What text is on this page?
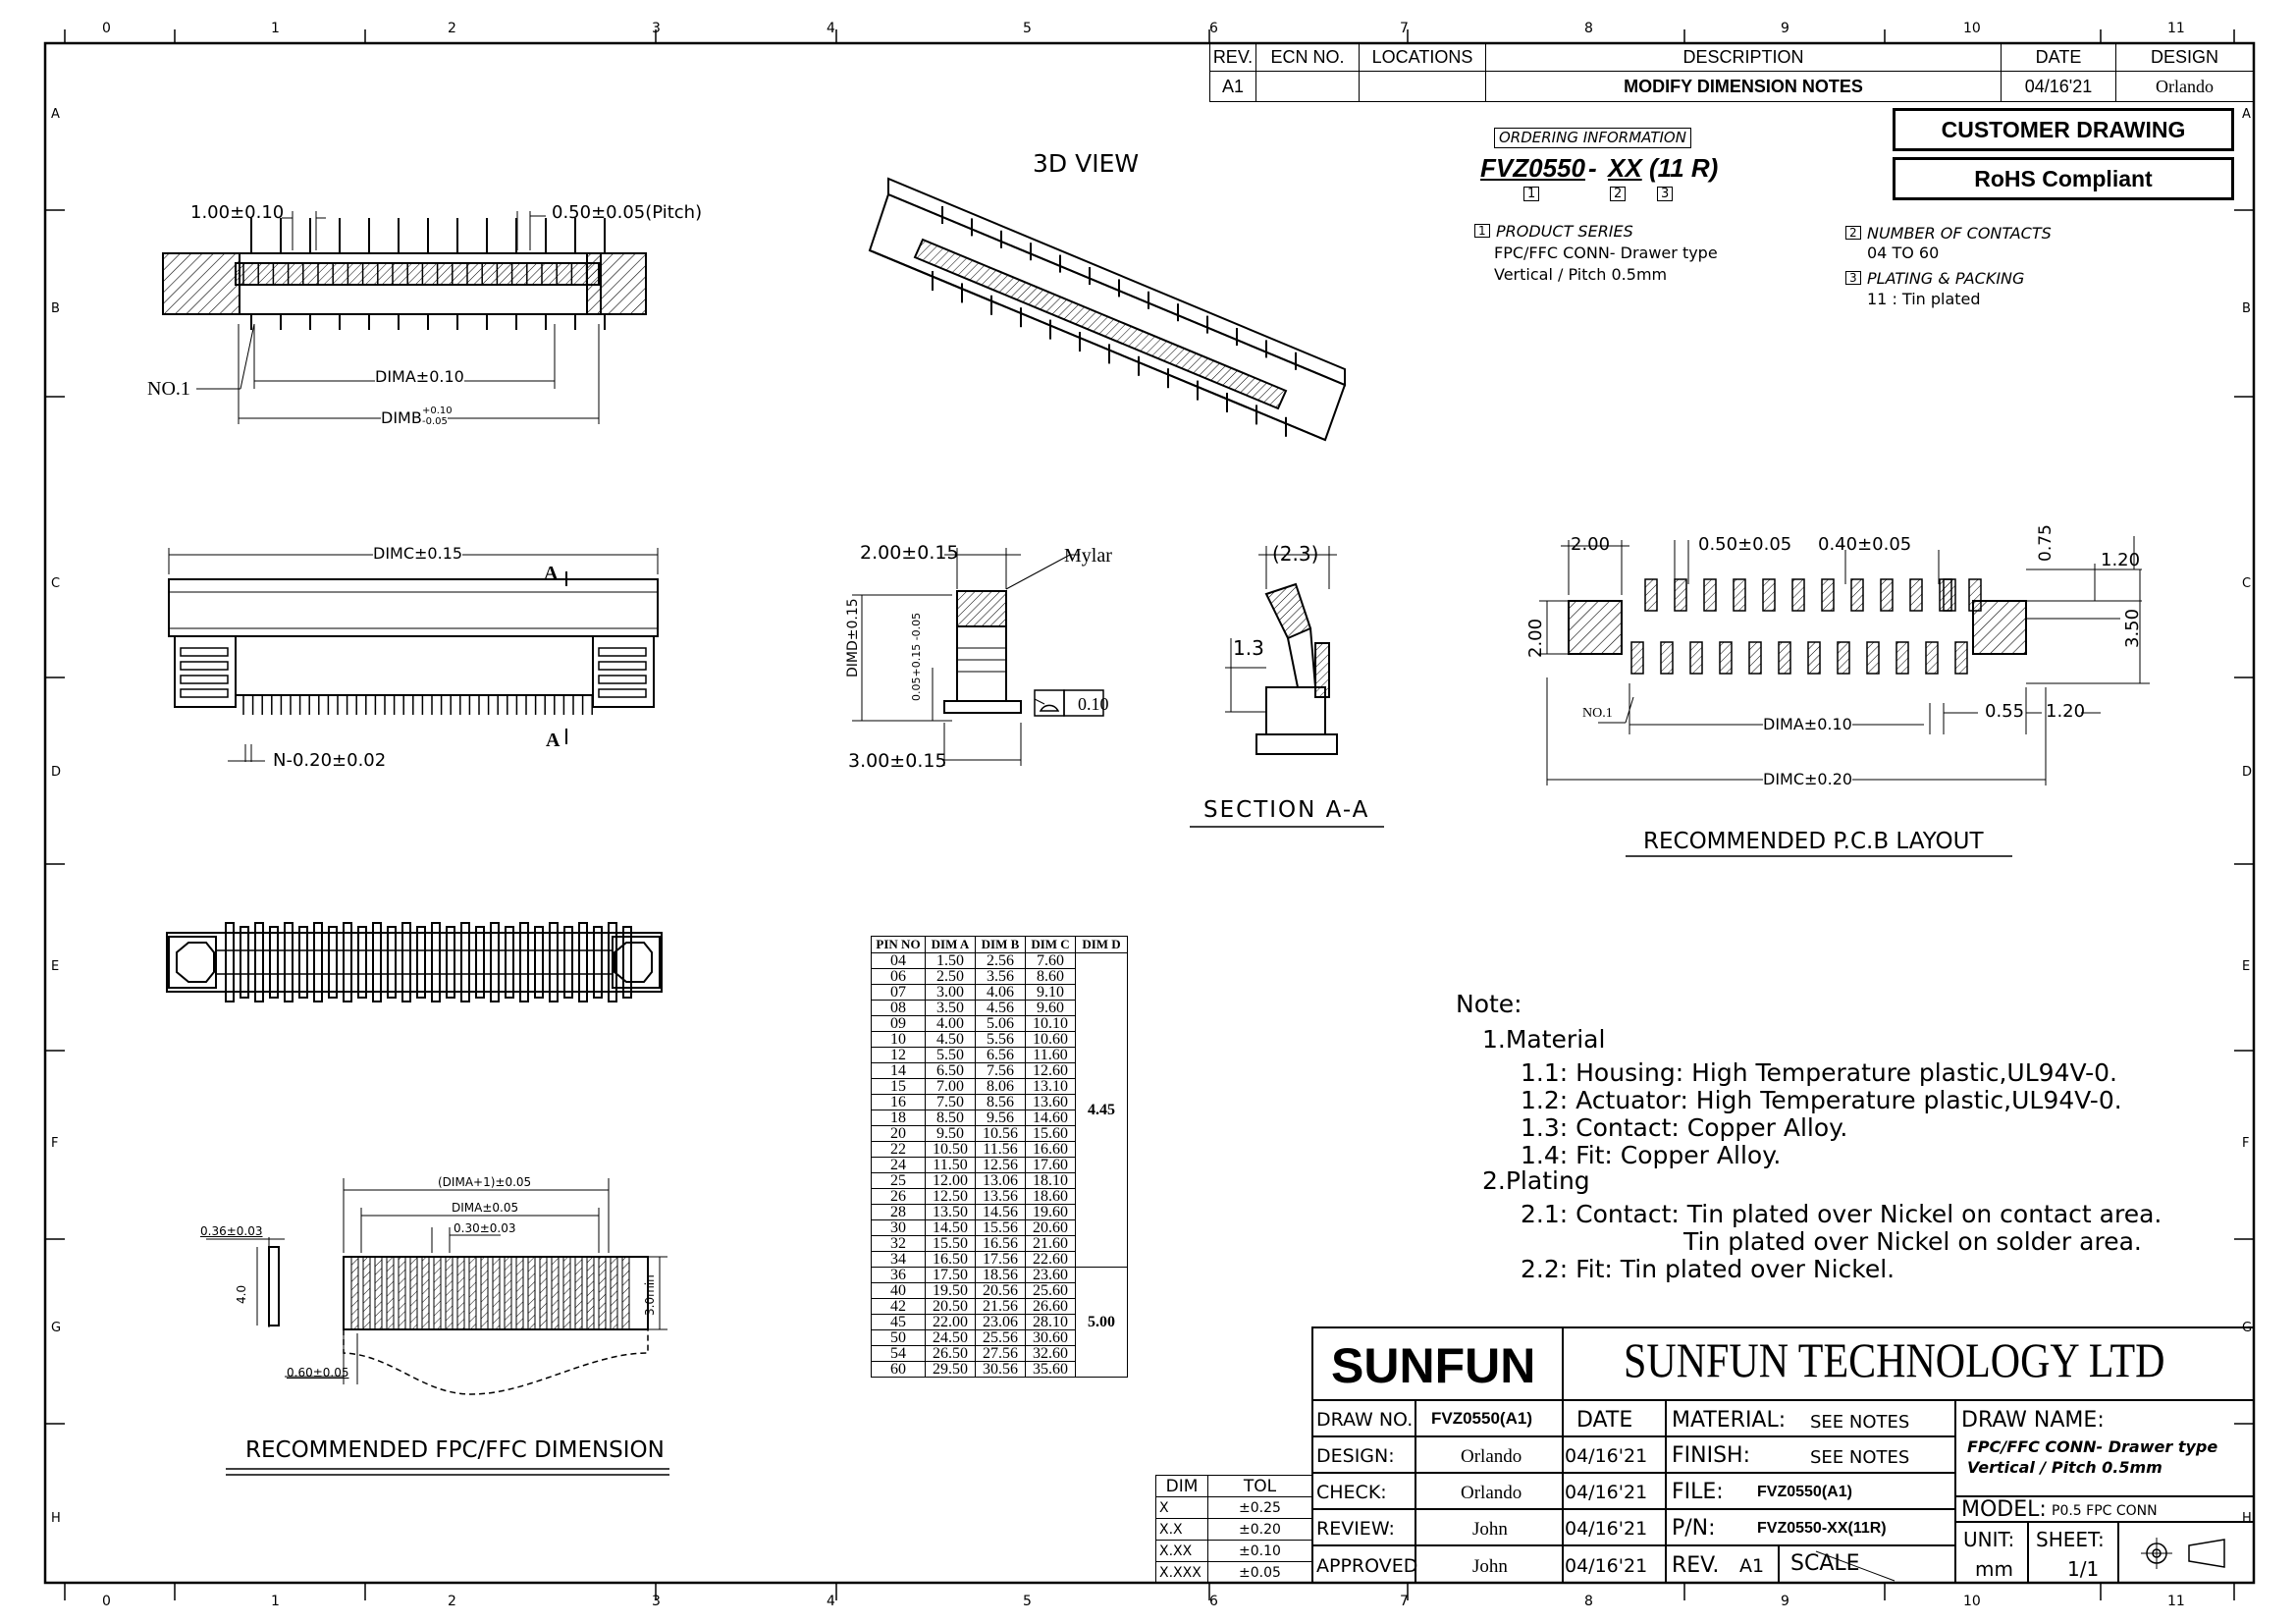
0	1	2	3	4	5	6	7	8	9	10	11
0	1	2	3	4	5	6	7	8	9	10	11
A
B
C
D
E
F
G
H
A
B
C
D
E
F
G
H
REV.	ECN NO.	LOCATIONS	DESCRIPTION	DATE	DESIGN
A1			MODIFY DIMENSION NOTES	04/16'21	Orlando
CUSTOMER DRAWING
RoHS Compliant
ORDERING INFORMATION
FVZ0550 - XX (11 R)
1	2	3
1 PRODUCT SERIES
FPC/FFC CONN- Drawer type
Vertical / Pitch 0.5mm
2 NUMBER OF CONTACTS
04 TO 60
3 PLATING & PACKING
11 : Tin plated
3D VIEW
SECTION A-A
RECOMMENDED P.C.B LAYOUT
RECOMMENDED FPC/FFC DIMENSION
1.00±0.10	0.50±0.05(Pitch)
NO.1
DIMA±0.10
DIMB +0.10
-0.05
DIMC±0.15
A
A
N-0.20±0.02
2.00±0.15	Mylar
DIMD±0.15	0.05+0.15 -0.05
0.10
3.00±0.15
(2.3)
1.3
2.00	0.50±0.05 0.40±0.05	0.75	1.20
3.50
2.00
NO.1
DIMA±0.10
0.55 1.20
DIMC±0.20
(DIMA+1)±0.05
DIMA±0.05
0.30±0.03
0.36±0.03
4.0	3.0min
0.60±0.05
PIN NO	DIM A	DIM B	DIM C	DIM D
04	1.50	2.56	7.60	4.45
06	2.50	3.56	8.60	
07	3.00	4.06	9.10	
08	3.50	4.56	9.60	
09	4.00	5.06	10.10	
10	4.50	5.56	10.60	
12	5.50	6.56	11.60	
14	6.50	7.56	12.60	
15	7.00	8.06	13.10	
16	7.50	8.56	13.60	
18	8.50	9.56	14.60	
20	9.50	10.56	15.60	
22	10.50	11.56	16.60	
24	11.50	12.56	17.60	
25	12.00	13.06	18.10	
26	12.50	13.56	18.60	
28	13.50	14.56	19.60	
30	14.50	15.56	20.60	
32	15.50	16.56	21.60	
34	16.50	17.56	22.60	
36	17.50	18.56	23.60	5.00
40	19.50	20.56	25.60	
42	20.50	21.56	26.60	
45	22.00	23.06	28.10	
50	24.50	25.56	30.60	
54	26.50	27.56	32.60	
60	29.50	30.56	35.60	
Note:
1.Material
1.1: Housing: High Temperature plastic,UL94V-0.
1.2: Actuator: High Temperature plastic,UL94V-0.
1.3: Contact: Copper Alloy.
1.4: Fit: Copper Alloy.
2.Plating
2.1: Contact: Tin plated over Nickel on contact area.
Tin plated over Nickel on solder area.
2.2: Fit: Tin plated over Nickel.
DIM	TOL
X	±0.25
X.X	±0.20
X.XX	±0.10
X.XXX	±0.05
SUNFUN SUNFUN TECHNOLOGY LTD
DRAW NO. FVZ0550(A1) DATE
DESIGN:	Orlando 04/16'21
CHECK:	Orlando 04/16'21
REVIEW:	John	04/16'21
APPROVED	John	04/16'21
MATERIAL: SEE NOTES
FINISH:	SEE NOTES
FILE: FVZ0550(A1)
P/N:	FVZ0550-XX(11R)
REV. A1 SCALE
DRAW NAME:
FPC/FFC CONN- Drawer type
Vertical / Pitch 0.5mm
MODEL: P0.5 FPC CONN
UNIT:
mm
SHEET:
1/1
